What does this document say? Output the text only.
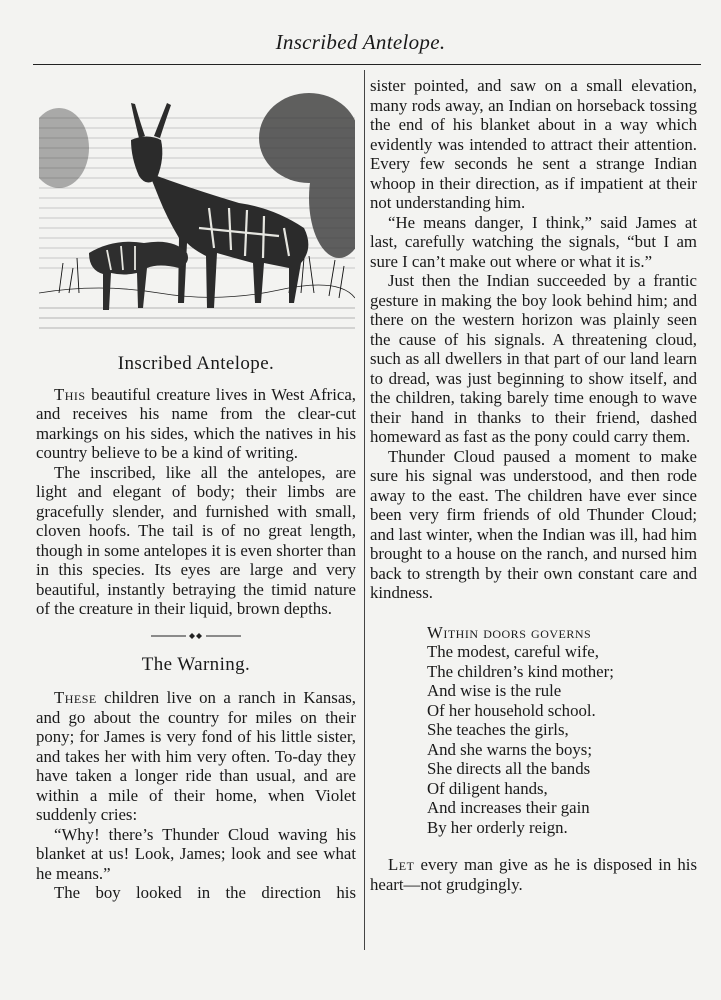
Inscribed Antelope.
Inscribed Antelope.

This beautiful creature lives in West Africa, and receives his name from the clear-cut markings on his sides, which the natives in his country believe to be a kind of writing.

The inscribed, like all the antelopes, are light and elegant of body; their limbs are gracefully slender, and furnished with small, cloven hoofs. The tail is of no great length, though in some antelopes it is even shorter than in this species. Its eyes are large and very beautiful, instantly betraying the timid nature of the creature in their liquid, brown depths.

The Warning.

These children live on a ranch in Kansas, and go about the country for miles on their pony; for James is very fond of his little sister, and takes her with him very often. To-day they have taken a longer ride than usual, and are within a mile of their home, when Violet suddenly cries:

“Why! there’s Thunder Cloud waving his blanket at us! Look, James; look and see what he means.”

The boy looked in the direction his

sister pointed, and saw on a small elevation, many rods away, an Indian on horseback tossing the end of his blanket about in a way which evidently was intended to attract their attention. Every few seconds he sent a strange Indian whoop in their direction, as if impatient at their not understanding him.

“He means danger, I think,” said James at last, carefully watching the signals, “but I am sure I can’t make out where or what it is.”

Just then the Indian succeeded by a frantic gesture in making the boy look behind him; and there on the western horizon was plainly seen the cause of his signals. A threatening cloud, such as all dwellers in that part of our land learn to dread, was just beginning to show itself, and the children, taking barely time enough to wave their hand in thanks to their friend, dashed homeward as fast as the pony could carry them.

Thunder Cloud paused a moment to make sure his signal was understood, and then rode away to the east. The children have ever since been very firm friends of old Thunder Cloud; and last winter, when the Indian was ill, had him brought to a house on the ranch, and nursed him back to strength by their own constant care and kindness.

Within doors governs
The modest, careful wife,
The children’s kind mother;
And wise is the rule
Of her household school.
She teaches the girls,
And she warns the boys;
She directs all the bands
Of diligent hands,
And increases their gain
By her orderly reign.

Let every man give as he is disposed in his heart—not grudgingly.
